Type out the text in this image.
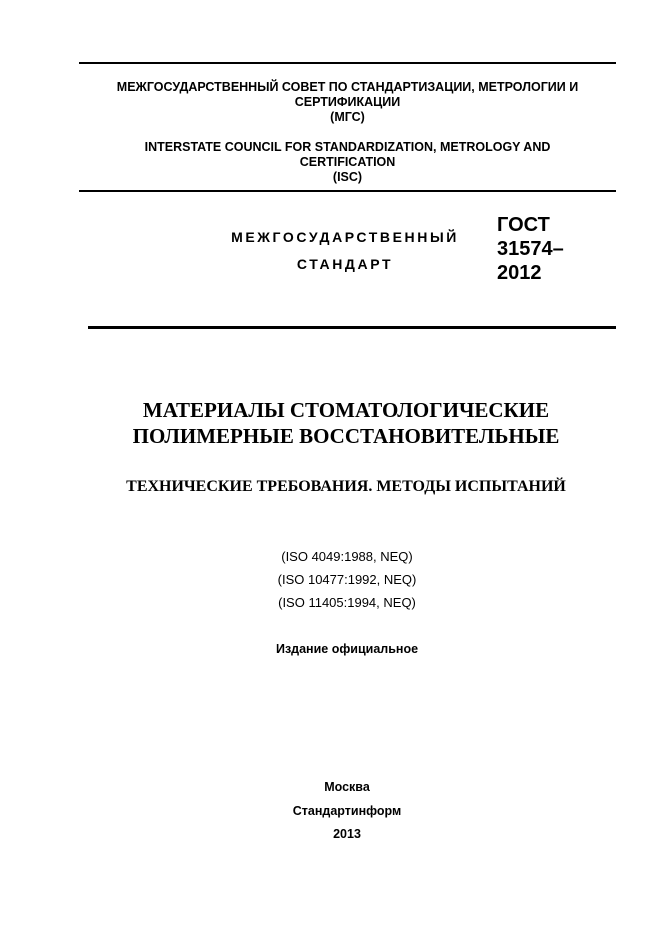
МЕЖГОСУДАРСТВЕННЫЙ СОВЕТ ПО СТАНДАРТИЗАЦИИ, МЕТРОЛОГИИ И
СЕРТИФИКАЦИИ
(МГС)
INTERSTATE COUNCIL FOR STANDARDIZATION, METROLOGY AND
CERTIFICATION
(ISC)
МЕЖГОСУДАРСТВЕННЫЙ
СТАНДАРТ
ГОСТ
31574–
2012
МАТЕРИАЛЫ СТОМАТОЛОГИЧЕСКИЕ
ПОЛИМЕРНЫЕ ВОССТАНОВИТЕЛЬНЫЕ
ТЕХНИЧЕСКИЕ ТРЕБОВАНИЯ. МЕТОДЫ ИСПЫТАНИЙ
(ISO 4049:1988, NEQ)
(ISO 10477:1992, NEQ)
(ISO 11405:1994, NEQ)
Издание официальное
Москва
Стандартинформ
2013
